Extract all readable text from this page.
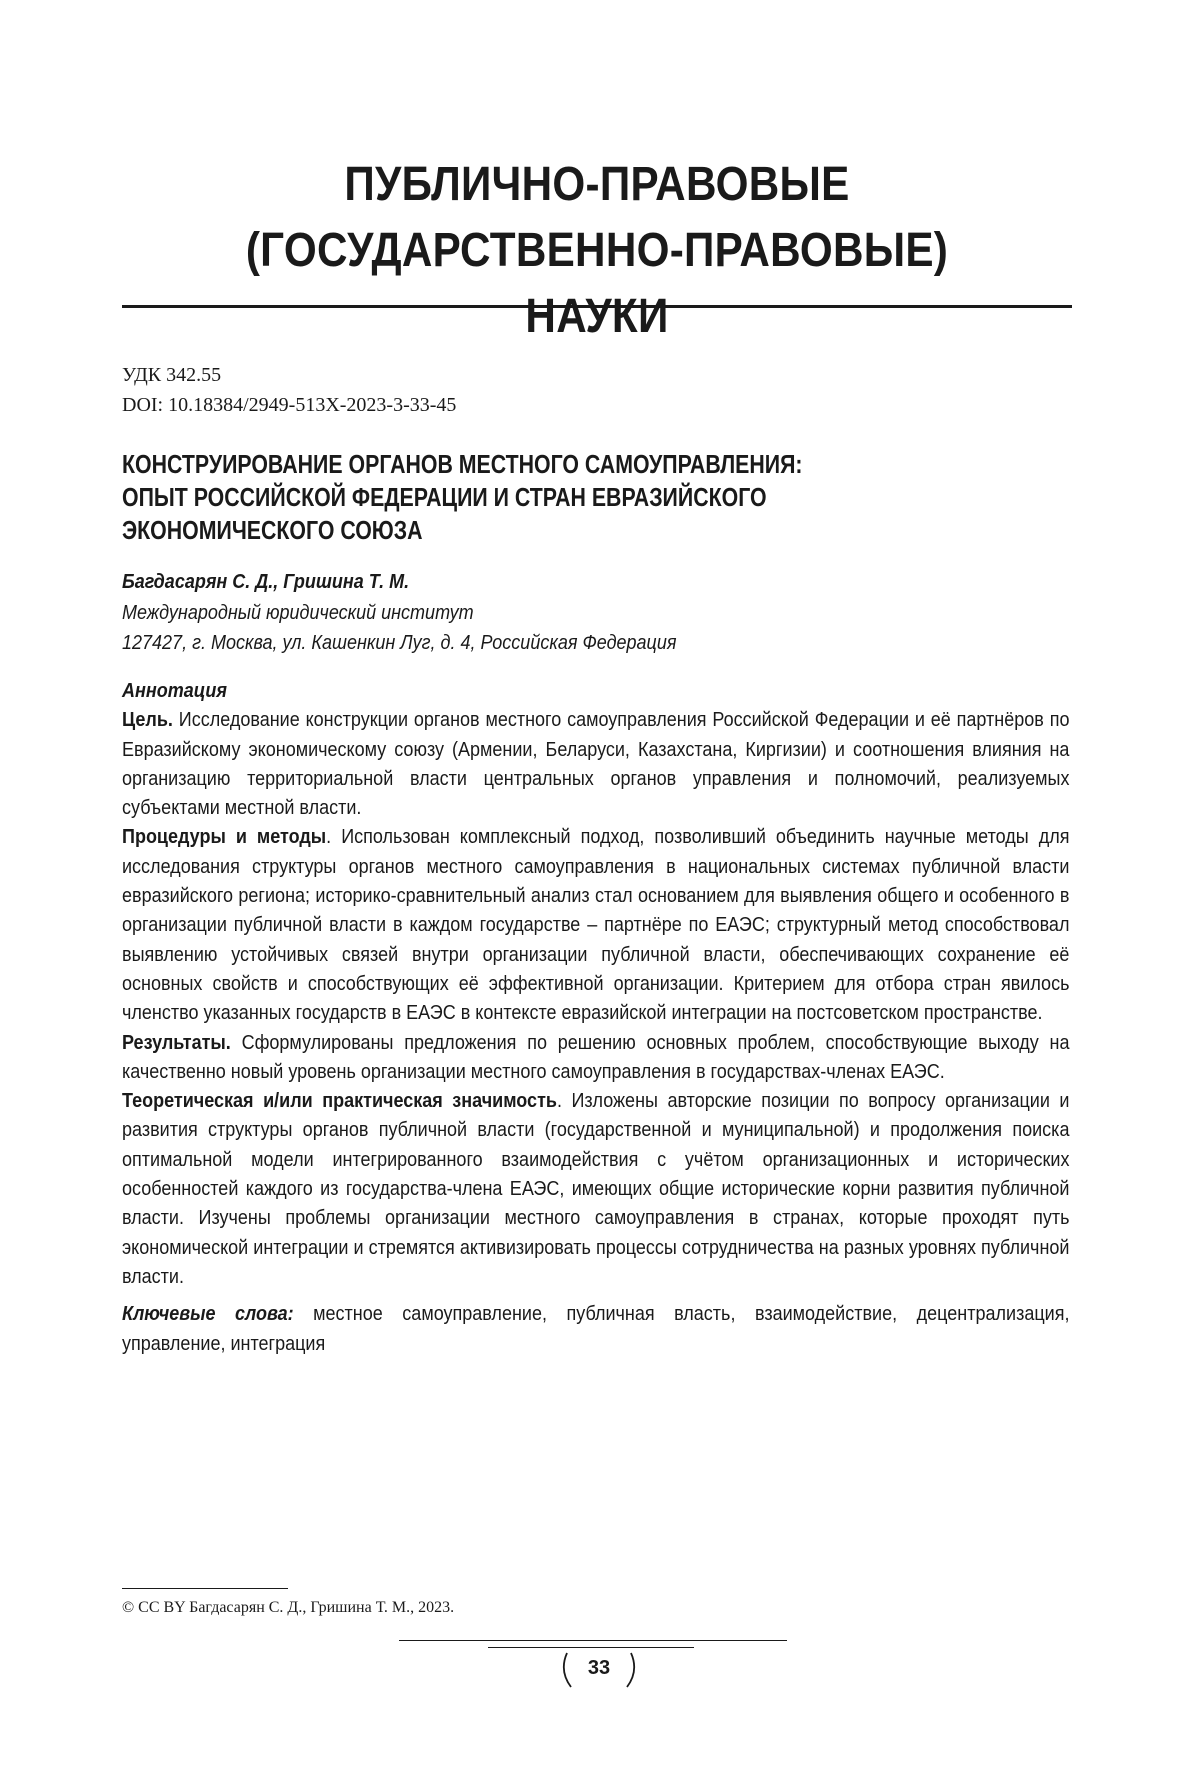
ПУБЛИЧНО-ПРАВОВЫЕ
(ГОСУДАРСТВЕННО-ПРАВОВЫЕ) НАУКИ
УДК 342.55
DOI: 10.18384/2949-513X-2023-3-33-45
КОНСТРУИРОВАНИЕ ОРГАНОВ МЕСТНОГО САМОУПРАВЛЕНИЯ:
ОПЫТ РОССИЙСКОЙ ФЕДЕРАЦИИ И СТРАН ЕВРАЗИЙСКОГО
ЭКОНОМИЧЕСКОГО СОЮЗА
Багдасарян С. Д., Гришина Т. М.
Международный юридический институт
127427, г. Москва, ул. Кашенкин Луг, д. 4, Российская Федерация

Аннотация

Цель. Исследование конструкции органов местного самоуправления Российской Федерации и её партнёров по Евразийскому экономическому союзу (Армении, Беларуси, Казахстана, Киргизии) и соотношения влияния на организацию территориальной власти центральных органов управления и полномочий, реализуемых субъектами местной власти.

Процедуры и методы. Использован комплексный подход, позволивший объединить научные методы для исследования структуры органов местного самоуправления в национальных системах публичной власти евразийского региона; историко-сравнительный анализ стал основанием для выявления общего и особенного в организации публичной власти в каждом государстве – партнёре по ЕАЭС; структурный метод способствовал выявлению устойчивых связей внутри организации публичной власти, обеспечивающих сохранение её основных свойств и способствующих её эффективной организации. Критерием для отбора стран явилось членство указанных государств в ЕАЭС в контексте евразийской интеграции на постсоветском пространстве.

Результаты. Сформулированы предложения по решению основных проблем, способствующие выходу на качественно новый уровень организации местного самоуправления в государствах-членах ЕАЭС.

Теоретическая и/или практическая значимость. Изложены авторские позиции по вопросу организации и развития структуры органов публичной власти (государственной и муниципальной) и продолжения поиска оптимальной модели интегрированного взаимодействия с учётом организационных и исторических особенностей каждого из государства-члена ЕАЭС, имеющих общие исторические корни развития публичной власти. Изучены проблемы организации местного самоуправления в странах, которые проходят путь экономической интеграции и стремятся активизировать процессы сотрудничества на разных уровнях публичной власти.

Ключевые слова: местное самоуправление, публичная власть, взаимодействие, децентрализация, управление, интеграция

© CC BY Багдасарян С. Д., Гришина Т. М., 2023.
33
